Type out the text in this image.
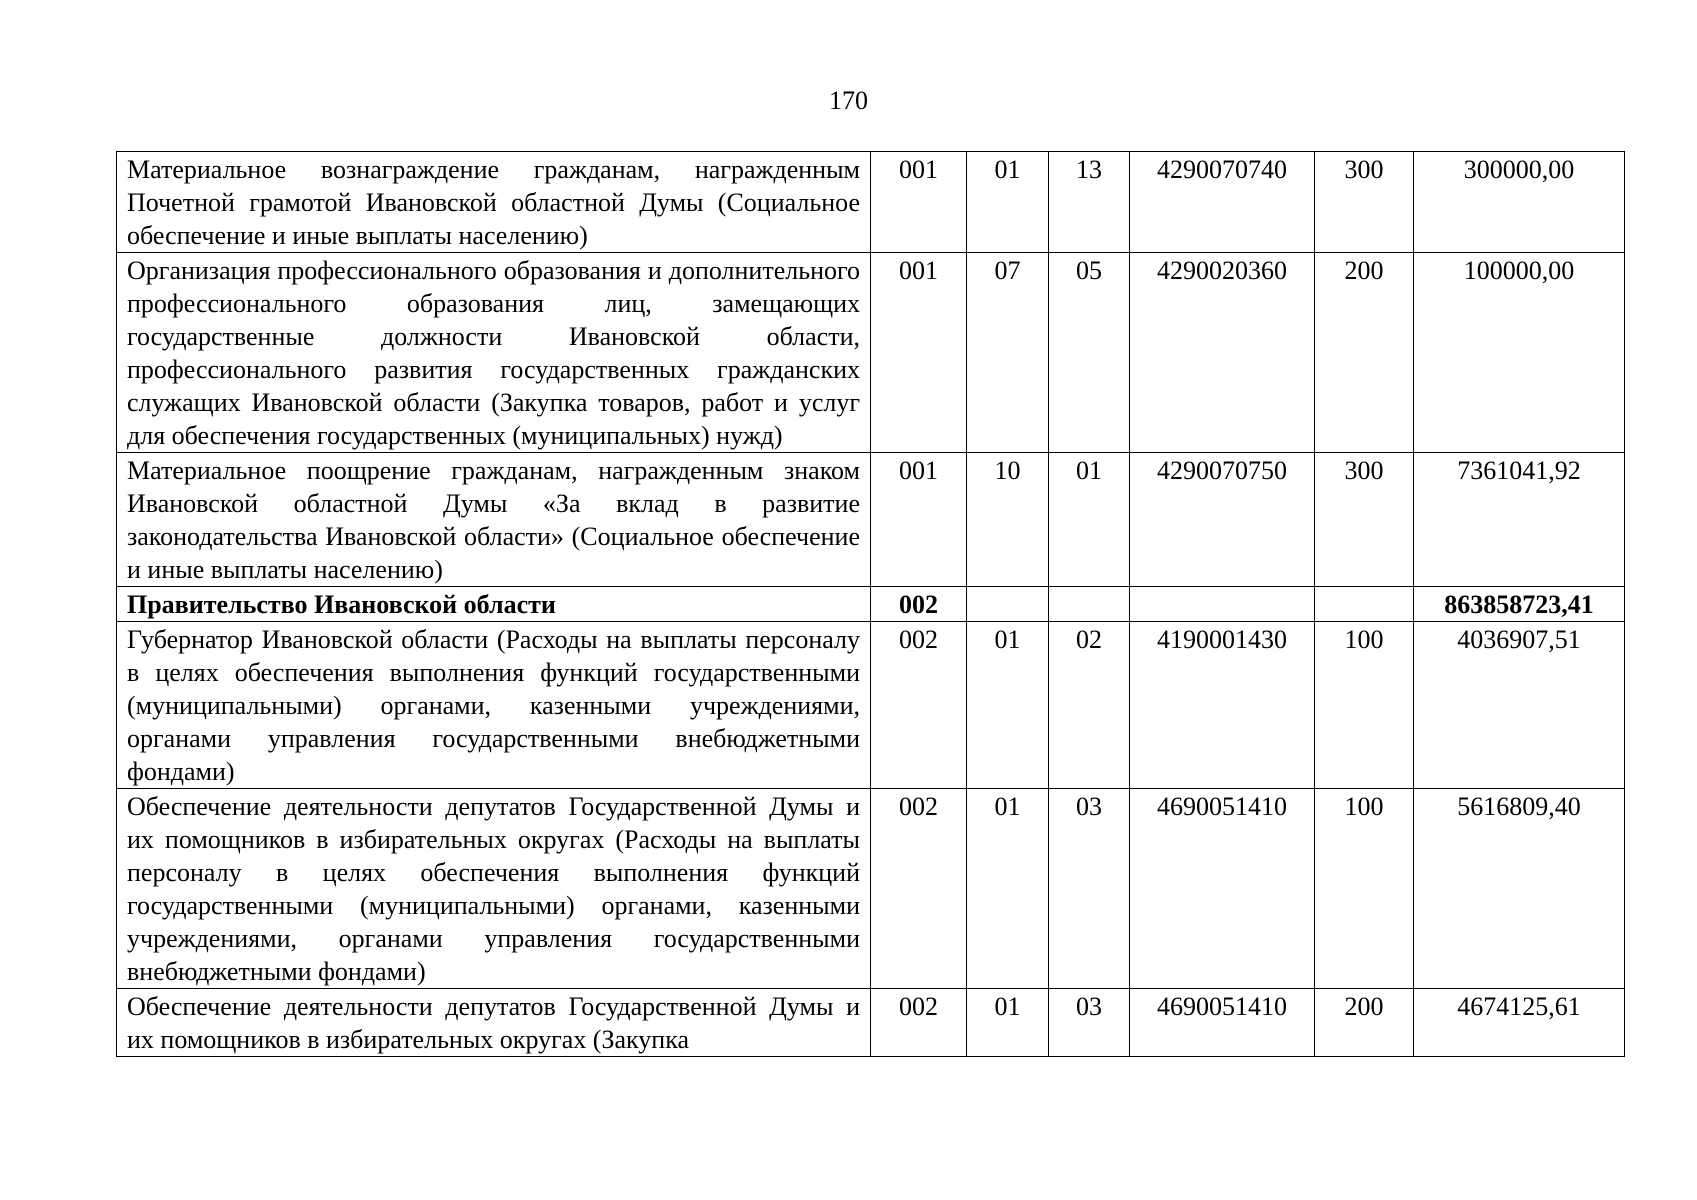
170
Материальное вознаграждение гражданам, награжденным Почетной грамотой Ивановской областной Думы (Социальное обеспечение и иные выплаты населению)	001	01	13	4290070740	300	300000,00
Организация профессионального образования и дополнительного профессионального образования лиц, замещающих государственные должности Ивановской области, профессионального развития государственных гражданских служащих Ивановской области (Закупка товаров, работ и услуг для обеспечения государственных (муниципальных) нужд)	001	07	05	4290020360	200	100000,00
Материальное поощрение гражданам, награжденным знаком Ивановской областной Думы «За вклад в развитие законодательства Ивановской области» (Социальное обеспечение и иные выплаты населению)	001	10	01	4290070750	300	7361041,92
Правительство Ивановской области	002					863858723,41
Губернатор Ивановской области (Расходы на выплаты персоналу в целях обеспечения выполнения функций государственными (муниципальными) органами, казенными учреждениями, органами управления государственными внебюджетными фондами)	002	01	02	4190001430	100	4036907,51
Обеспечение деятельности депутатов Государственной Думы и их помощников в избирательных округах (Расходы на выплаты персоналу в целях обеспечения выполнения функций государственными (муниципальными) органами, казенными учреждениями, органами управления государственными внебюджетными фондами)	002	01	03	4690051410	100	5616809,40
Обеспечение деятельности депутатов Государственной Думы и их помощников в избирательных округах (Закупка	002	01	03	4690051410	200	4674125,61
